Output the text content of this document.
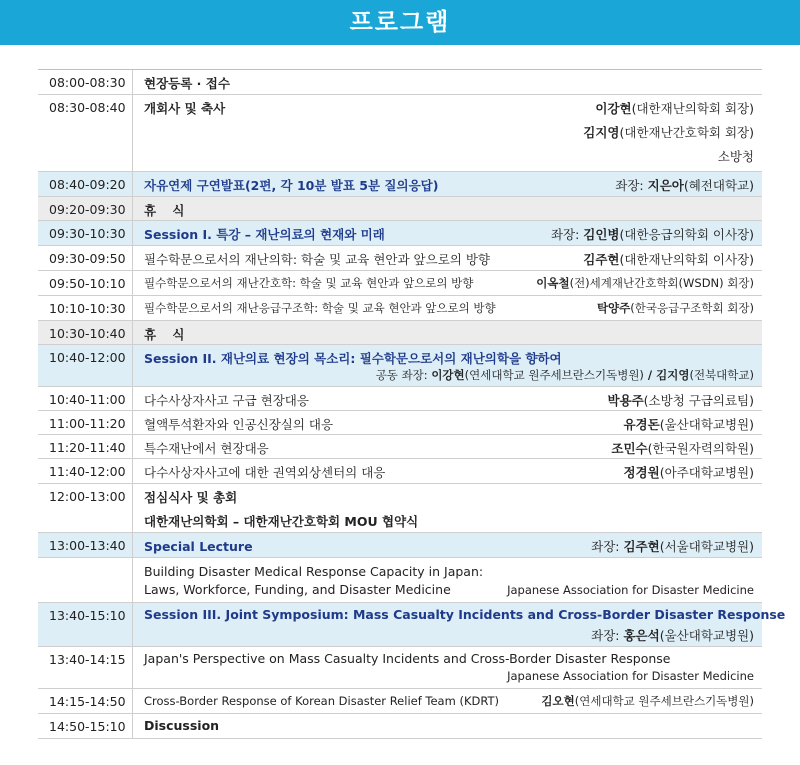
프로그램
08:00-08:30	현장등록 · 접수
08:30-08:40	개회사 및 축사	이강현(대한재난의학회 회장)
김지영(대한재난간호학회 회장)
소방청
08:40-09:20	자유연제 구연발표(2편, 각 10분 발표 5분 질의응답)	좌장: 지은아(혜전대학교)
09:20-09:30	휴 식
09:30-10:30	Session I. 특강 – 재난의료의 현재와 미래	좌장: 김인병(대한응급의학회 이사장)
09:30-09:50	필수학문으로서의 재난의학: 학술 및 교육 현안과 앞으로의 방향	김주현(대한재난의학회 이사장)
09:50-10:10	필수학문으로서의 재난간호학: 학술 및 교육 현안과 앞으로의 방향	이옥철(전)세계재난간호학회(WSDN) 회장)
10:10-10:30	필수학문으로서의 재난응급구조학: 학술 및 교육 현안과 앞으로의 방향	탁양주(한국응급구조학회 회장)
10:30-10:40	휴 식
10:40-12:00	Session II. 재난의료 현장의 목소리: 필수학문으로서의 재난의학을 향하여
공동 좌장: 이강현(연세대학교 원주세브란스기독병원) / 김지영(전북대학교)
10:40-11:00	다수사상자사고 구급 현장대응	박용주(소방청 구급의료팀)
11:00-11:20	혈액투석환자와 인공신장실의 대응	유경돈(울산대학교병원)
11:20-11:40	특수재난에서 현장대응	조민수(한국원자력의학원)
11:40-12:00	다수사상자사고에 대한 권역외상센터의 대응	정경원(아주대학교병원)
12:00-13:00	점심식사 및 총회
대한재난의학회 – 대한재난간호학회 MOU 협약식
13:00-13:40	Special Lecture	좌장: 김주현(서울대학교병원)
Building Disaster Medical Response Capacity in Japan:
Laws, Workforce, Funding, and Disaster Medicine	Japanese Association for Disaster Medicine
13:40-15:10	Session III. Joint Symposium: Mass Casualty Incidents and Cross-Border Disaster Response
좌장: 홍은석(울산대학교병원)
13:40-14:15	Japan's Perspective on Mass Casualty Incidents and Cross-Border Disaster Response
Japanese Association for Disaster Medicine
14:15-14:50	Cross-Border Response of Korean Disaster Relief Team (KDRT)	김오현(연세대학교 원주세브란스기독병원)
14:50-15:10	Discussion
